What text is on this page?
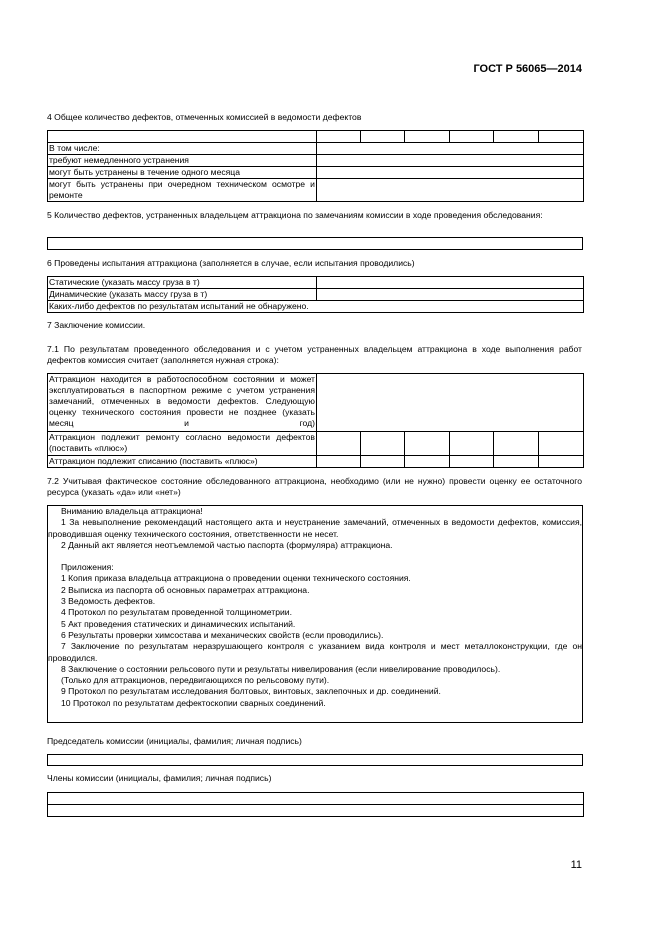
ГОСТ Р 56065—2014
4 Общее количество дефектов, отмеченных комиссией в ведомости дефектов

В том числе:	
требуют немедленного устранения	
могут быть устранены в течение одного месяца	
могут быть устранены при очередном техническом осмотре и ремонте	
5 Количество дефектов, устраненных владельцем аттракциона по замечаниям комиссии в ходе проведения обследования:
6 Проведены испытания аттракциона (заполняется в случае, если испытания проводились)
Статические (указать массу груза в т)	
Динамические (указать массу груза в т)	
Каких-либо дефектов по результатам испытаний не обнаружено.	
7 Заключение комиссии.
7.1 По результатам проведенного обследования и с учетом устраненных владельцем аттракциона в ходе выполнения работ дефектов комиссия считает (заполняется нужная строка):
Аттракцион находится в работоспособном состоянии и может эксплуатироваться в паспортном режиме с учетом устранения замечаний, отмеченных в ведомости дефектов. Следующую оценку технического состояния провести не позднее (указать месяц и год)						
Аттракцион подлежит ремонту согласно ведомости дефектов (поставить «плюс»)						
Аттракцион подлежит списанию (поставить «плюс»)						
7.2 Учитывая фактическое состояние обследованного аттракциона, необходимо (или не нужно) провести оценку ее остаточного ресурса (указать «да» или «нет»)
Вниманию владельца аттракциона!
1 За невыполнение рекомендаций настоящего акта и неустранение замечаний, отмеченных в ведомости дефектов, комиссия, проводившая оценку технического состояния, ответственности не несет.
2 Данный акт является неотъемлемой частью паспорта (формуляра) аттракциона.
Приложения:
1 Копия приказа владельца аттракциона о проведении оценки технического состояния.
2 Выписка из паспорта об основных параметрах аттракциона.
3 Ведомость дефектов.
4 Протокол по результатам проведенной толщинометрии.
5 Акт проведения статических и динамических испытаний.
6 Результаты проверки химсостава и механических свойств (если проводились).
7 Заключение по результатам неразрушающего контроля с указанием вида контроля и мест металлоконструкции, где он проводился.
8 Заключение о состоянии рельсового пути и результаты нивелирования (если нивелирование проводилось).
(Только для аттракционов, передвигающихся по рельсовому пути).
9 Протокол по результатам исследования болтовых, винтовых, заклепочных и др. соединений.
10 Протокол по результатам дефектоскопии сварных соединений.
Председатель комиссии (инициалы, фамилия; личная подпись)
Члены комиссии (инициалы, фамилия; личная подпись)

11
